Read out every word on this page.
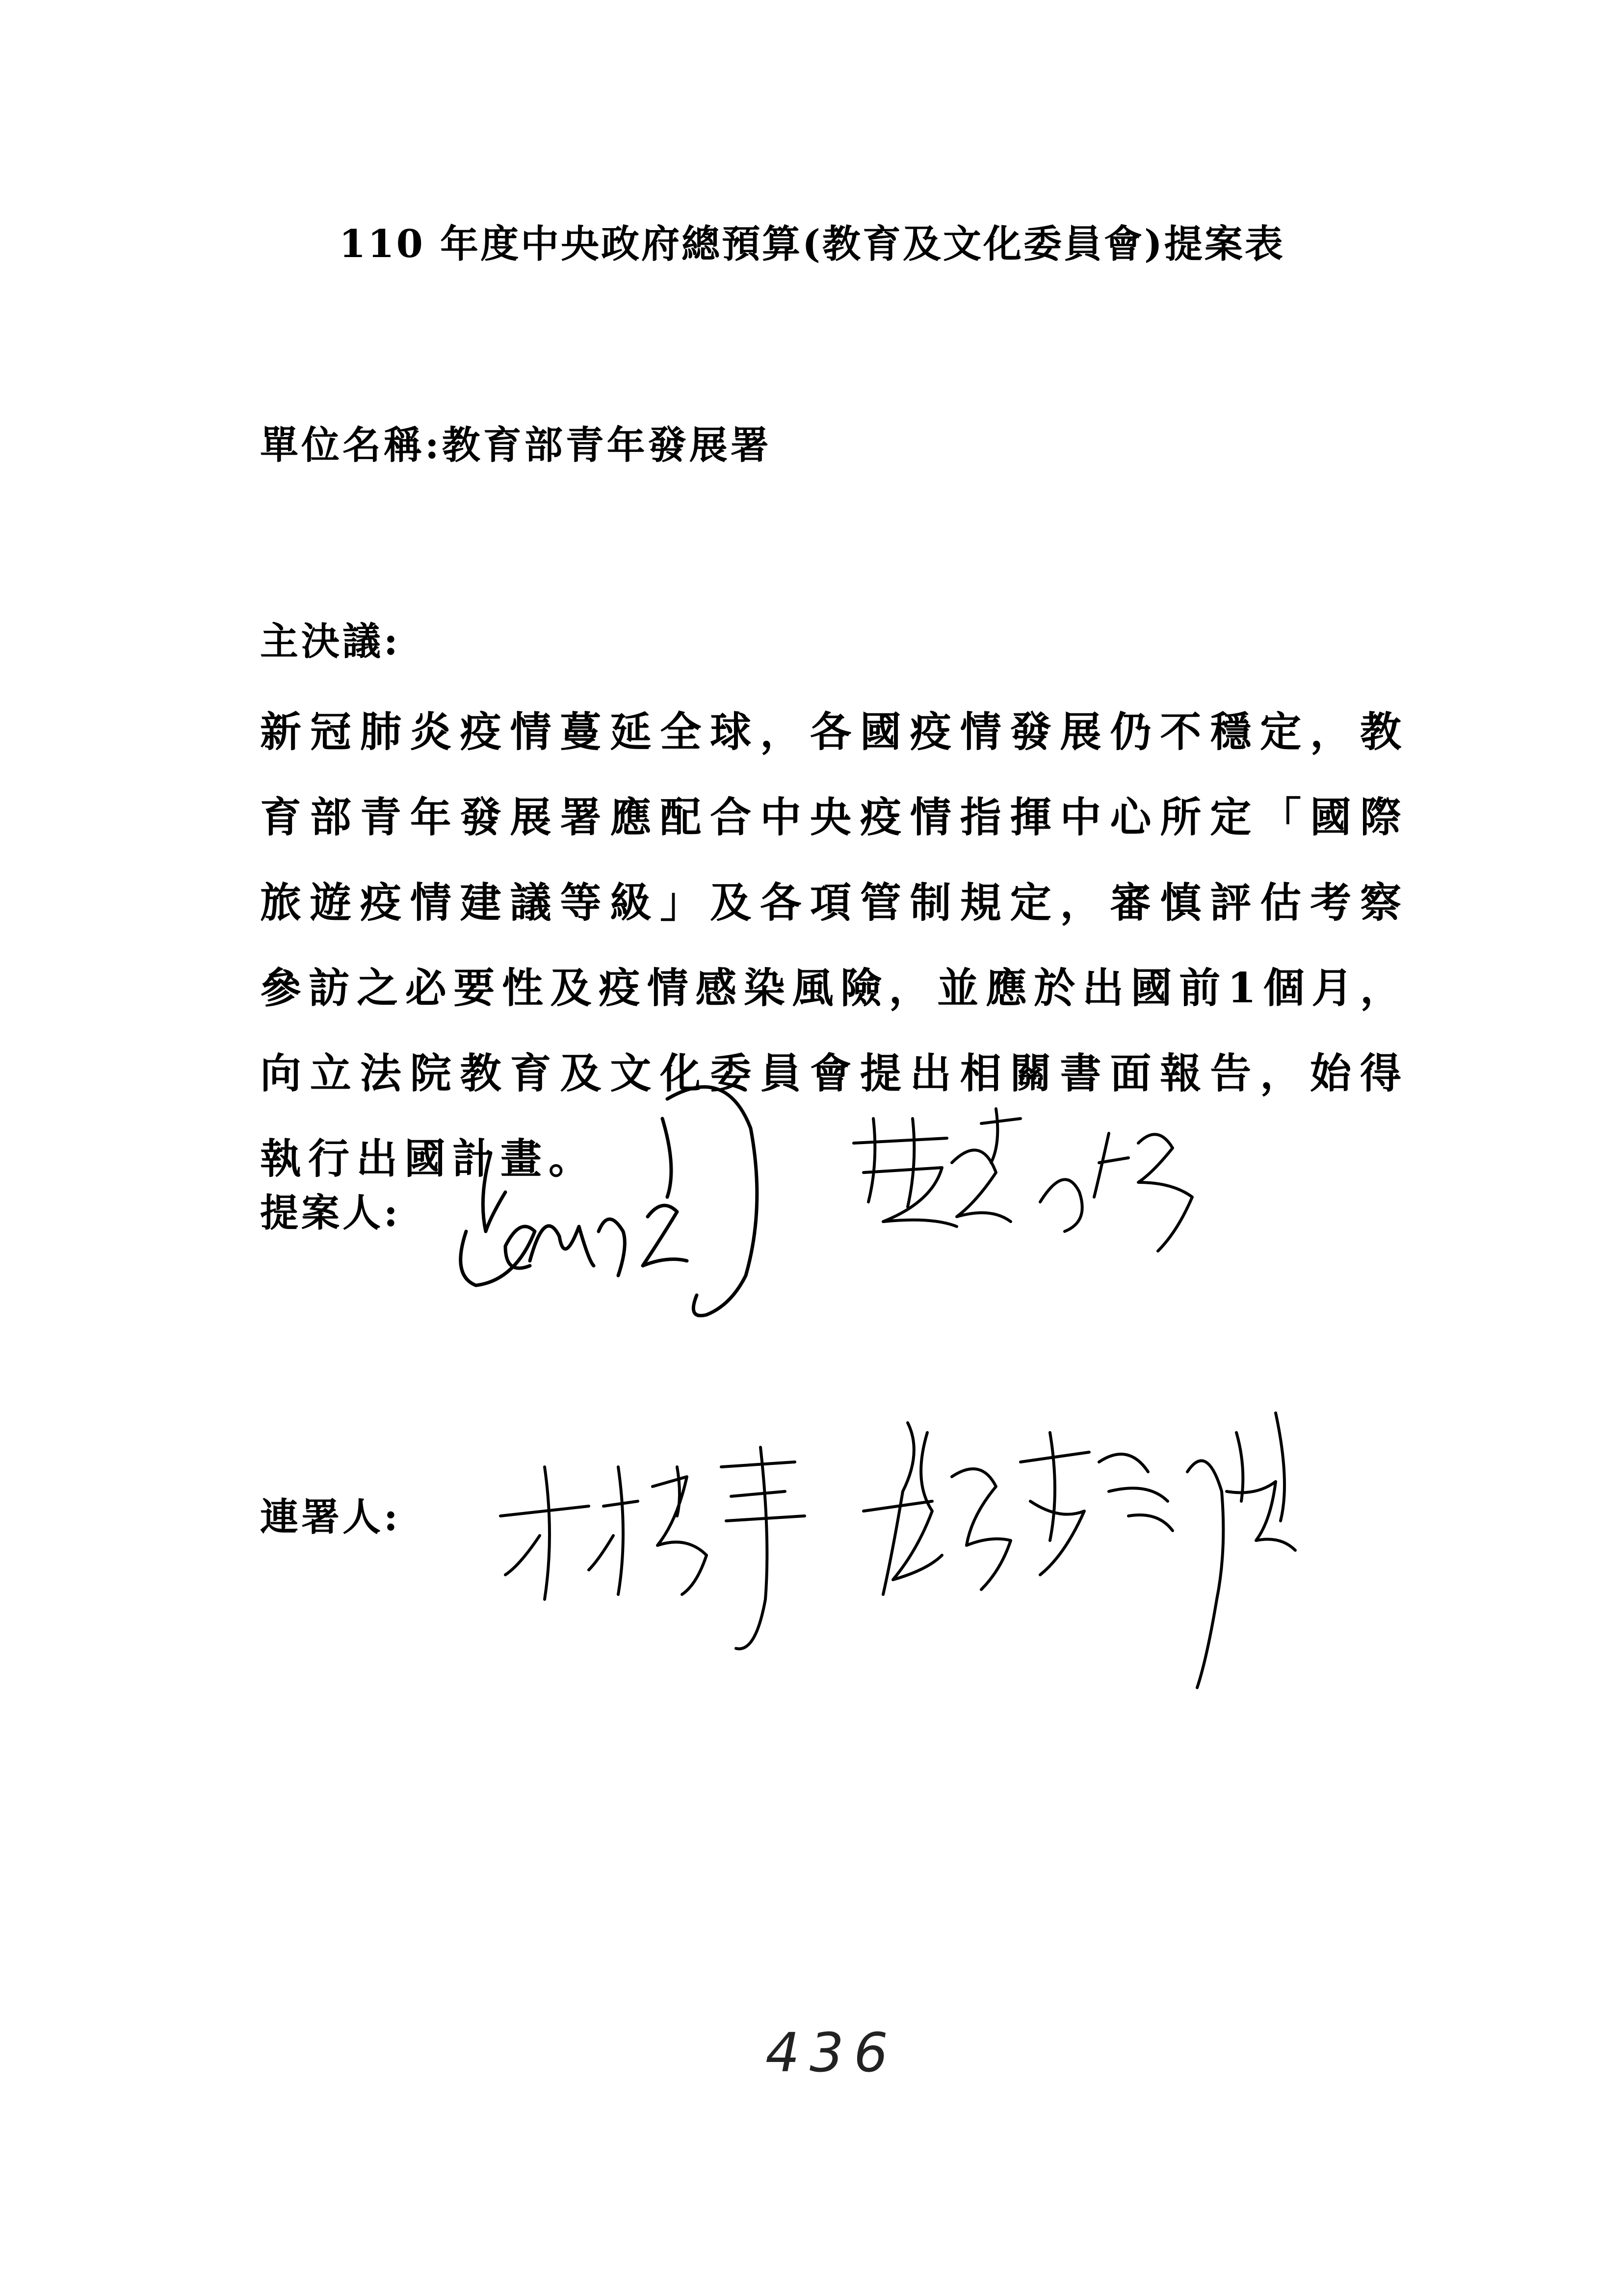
110 年度中央政府總預算(教育及文化委員會)提案表
單位名稱:教育部青年發展署
主決議:
新冠肺炎疫情蔓延全球，各國疫情發展仍不穩定，教育部青年發展署應配合中央疫情指揮中心所定「國際旅遊疫情建議等級」及各項管制規定，審慎評估考察參訪之必要性及疫情感染風險，並應於出國前1個月，向立法院教育及文化委員會提出相關書面報告，始得執行出國計畫。
提案人:
連署人:
436
